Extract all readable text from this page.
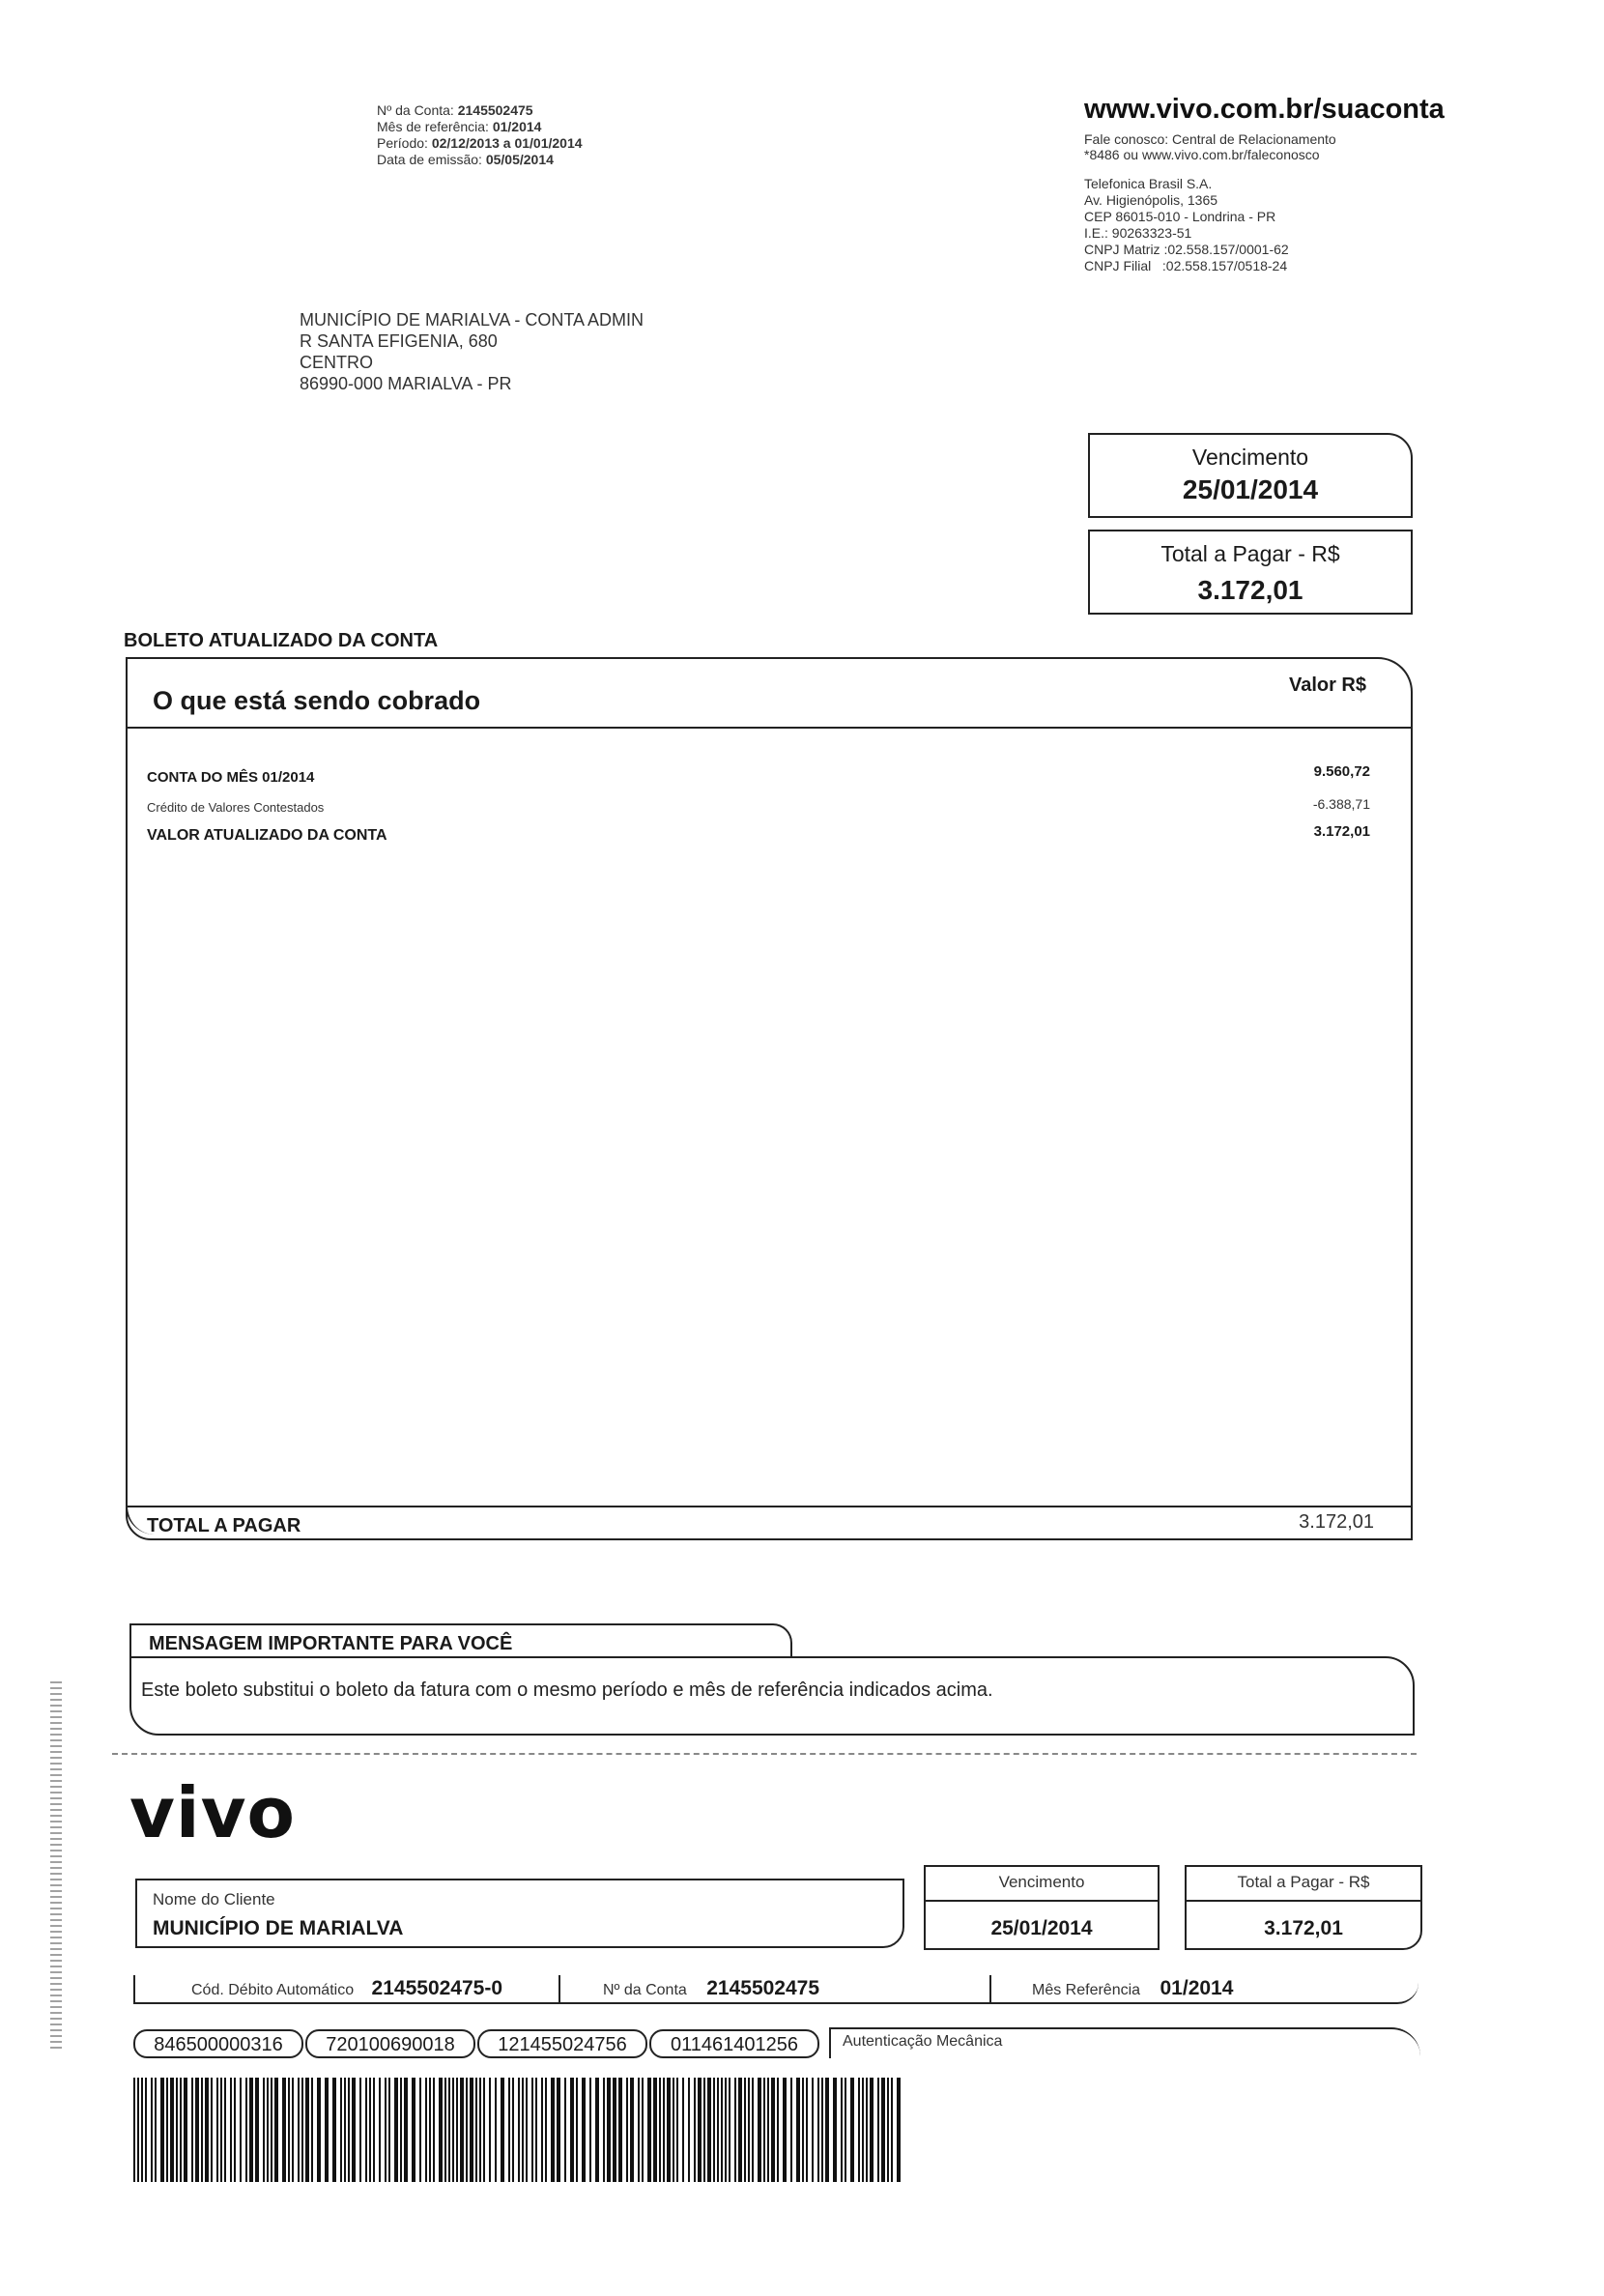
Nº da Conta: 2145502475
Mês de referência: 01/2014
Período: 02/12/2013 a 01/01/2014
Data de emissão: 05/05/2014
MUNICÍPIO DE MARIALVA - CONTA ADMIN
R SANTA EFIGENIA, 680
CENTRO
86990-000 MARIALVA - PR
www.vivo.com.br/suaconta
Fale conosco: Central de Relacionamento
*8486 ou www.vivo.com.br/faleconosco
Telefonica Brasil S.A.
Av. Higienópolis, 1365
CEP 86015-010 - Londrina - PR
I.E.: 90263323-51
CNPJ Matriz :02.558.157/0001-62
CNPJ Filial   :02.558.157/0518-24
Vencimento
25/01/2014
Total a Pagar - R$
3.172,01
BOLETO ATUALIZADO DA CONTA
O que está sendo cobrado
Valor R$
CONTA DO MÊS 01/2014	9.560,72
Crédito de Valores Contestados	-6.388,71
VALOR ATUALIZADO DA CONTA	3.172,01
TOTAL A PAGAR	3.172,01
MENSAGEM IMPORTANTE PARA VOCÊ
Este boleto substitui o boleto da fatura com o mesmo período e mês de referência indicados acima.
vivo
Nome do Cliente
MUNICÍPIO DE MARIALVA
Vencimento
25/01/2014
Total a Pagar - R$
3.172,01
Cód. Débito Automático 2145502475-0	Nº da Conta 2145502475	Mês Referência 01/2014
846500000316	720100690018	121455024756	011461401256	Autenticação Mecânica
